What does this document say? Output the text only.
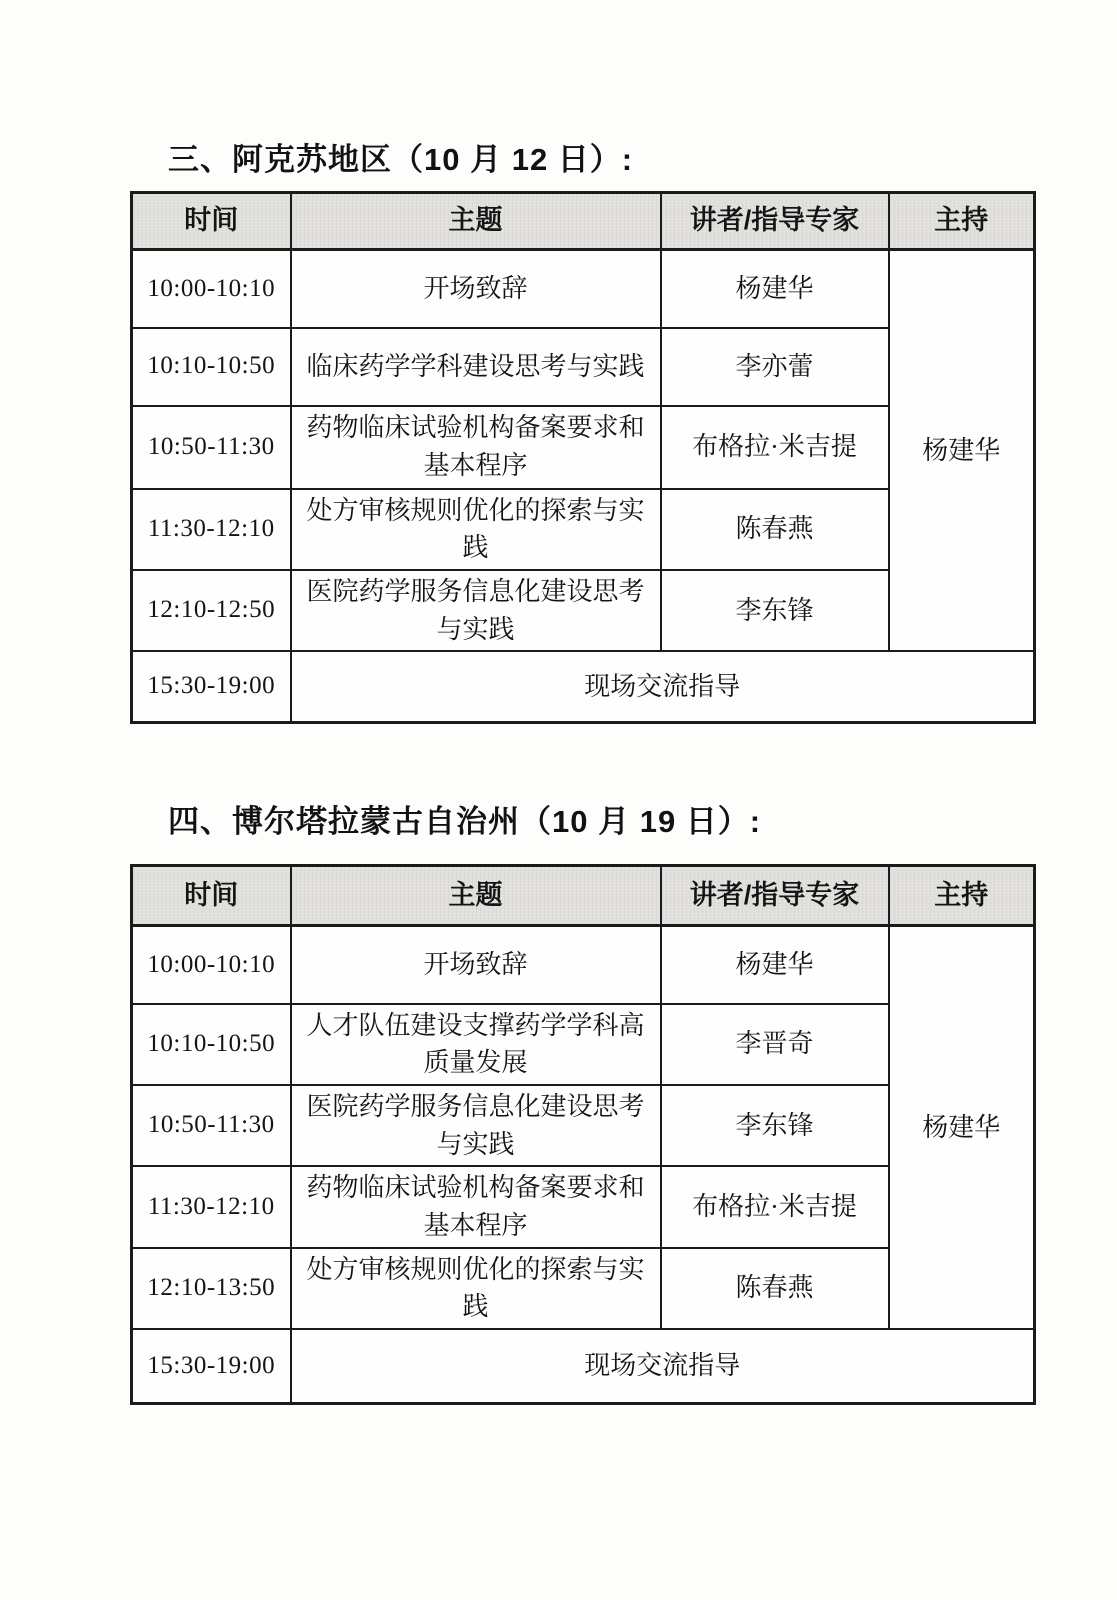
三、阿克苏地区（10 月 12 日）:
时间	主题	讲者/指导专家	主持
10:00-10:10	开场致辞	杨建华	杨建华
10:10-10:50	临床药学学科建设思考与实践	李亦蕾	
10:50-11:30	药物临床试验机构备案要求和基本程序	布格拉·米吉提	
11:30-12:10	处方审核规则优化的探索与实践	陈春燕	
12:10-12:50	医院药学服务信息化建设思考与实践	李东锋	
15:30-19:00	现场交流指导		
四、博尔塔拉蒙古自治州（10 月 19 日）:
时间	主题	讲者/指导专家	主持
10:00-10:10	开场致辞	杨建华	杨建华
10:10-10:50	人才队伍建设支撑药学学科高质量发展	李晋奇	
10:50-11:30	医院药学服务信息化建设思考与实践	李东锋	
11:30-12:10	药物临床试验机构备案要求和基本程序	布格拉·米吉提	
12:10-13:50	处方审核规则优化的探索与实践	陈春燕	
15:30-19:00	现场交流指导		
